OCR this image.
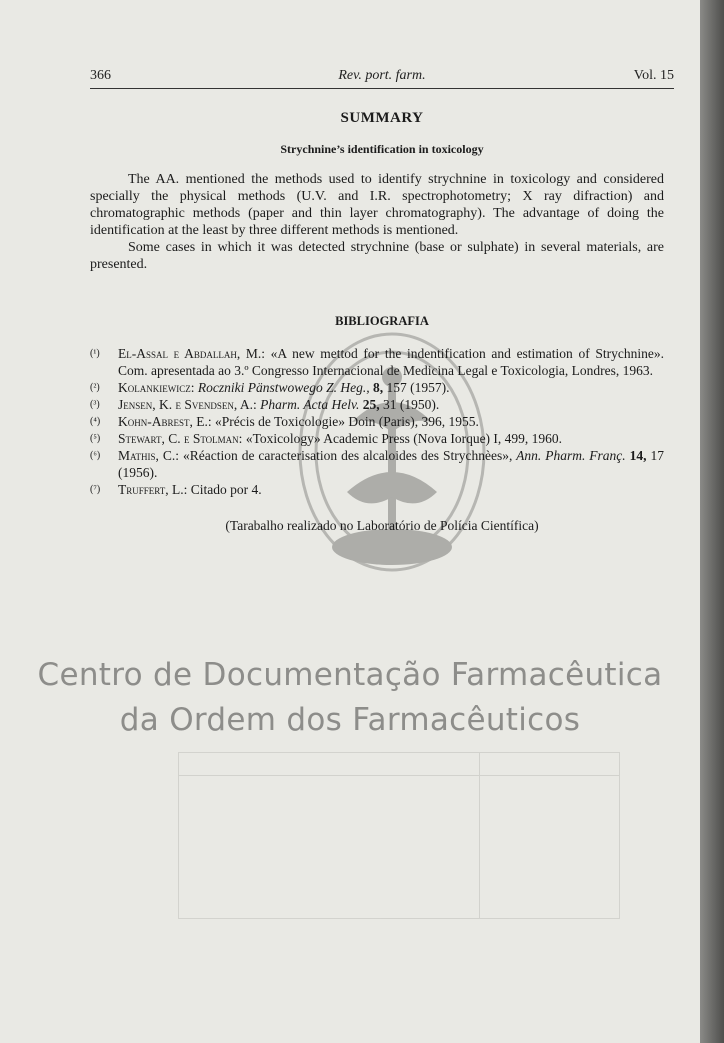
366	Rev. port. farm.	Vol. 15
SUMMARY
Strychnine’s identification in toxicology

The AA. mentioned the methods used to identify strychnine in toxicology and considered specially the physical methods (U.V. and I.R. spectrophotometry; X ray difraction) and chromatographic methods (paper and thin layer chromatography). The advantage of doing the identification at the least by three different methods is mentioned.

Some cases in which it was detected strychnine (base or sulphate) in several materials, are presented.

BIBLIOGRAFIA
(¹) El-Assal e Abdallah, M.: «A new mettod for the indentification and estimation of Strychnine». Com. apresentada ao 3.º Congresso Internacional de Medicina Legal e Toxicologia, Londres, 1963.
(²) Kolankiewicz: Roczniki Pänstwowego Z. Heg., 8, 157 (1957).
(³) Jensen, K. e Svendsen, A.: Pharm. Acta Helv. 25, 31 (1950).
(⁴) Kohn-Abrest, E.: «Précis de Toxicologie» Doin (Paris), 396, 1955.
(⁵) Stewart, C. e Stolman: «Toxicology» Academic Press (Nova Iorque) I, 499, 1960.
(⁶) Mathis, C.: «Réaction de caracterisation des alcaloides des Strychnèes», Ann. Pharm. Franç. 14, 17 (1956).
(⁷) Truffert, L.: Citado por 4.
(Tarabalho realizado no Laboratório de Polícia Científica)

Centro de Documentação Farmacêutica
da Ordem dos Farmacêuticos
